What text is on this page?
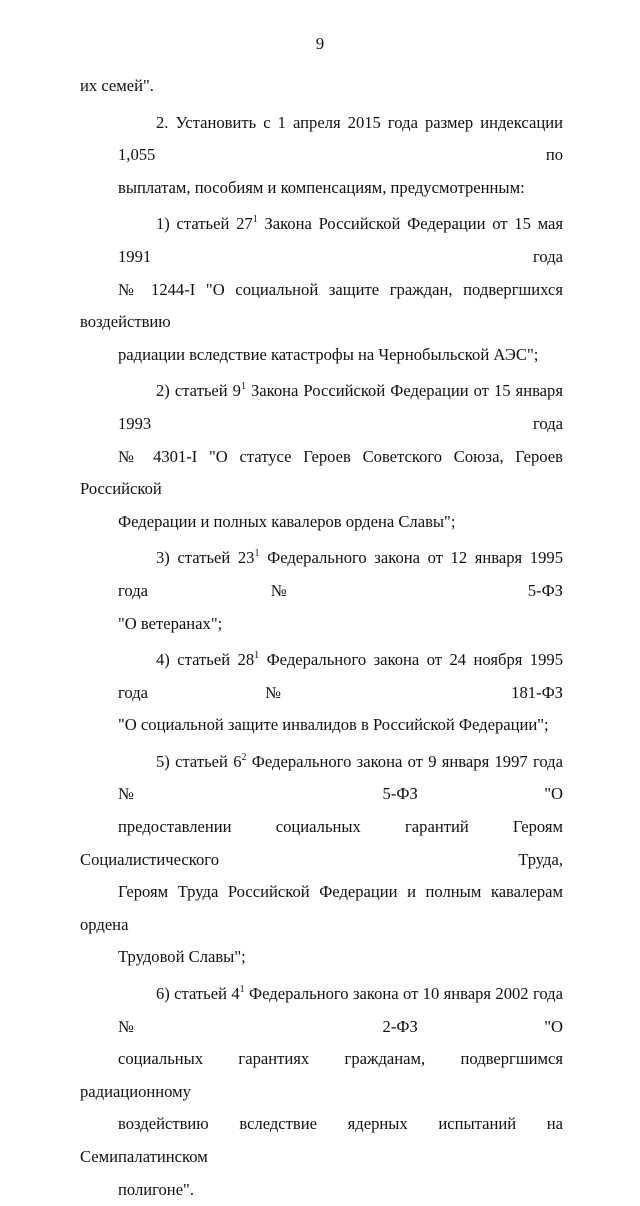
9

их семей".

2. Установить с 1 апреля 2015 года размер индексации 1,055 по
выплатам, пособиям и компенсациям, предусмотренным:

1) статьей $27^1$ Закона Российской Федерации от 15 мая 1991 года
№ 1244-I "О социальной защите граждан, подвергшихся воздействию
радиации вследствие катастрофы на Чернобыльской АЭС";

2) статьей $9^1$ Закона Российской Федерации от 15 января 1993 года
№ 4301-I "О статусе Героев Советского Союза, Героев Российской
Федерации и полных кавалеров ордена Славы";

3) статьей $23^1$ Федерального закона от 12 января 1995 года № 5-ФЗ
"О ветеранах";

4) статьей $28^1$ Федерального закона от 24 ноября 1995 года № 181-ФЗ
"О социальной защите инвалидов в Российской Федерации";

5) статьей $6^2$ Федерального закона от 9 января 1997 года № 5-ФЗ "О
предоставлении социальных гарантий Героям Социалистического Труда,
Героям Труда Российской Федерации и полным кавалерам ордена
Трудовой Славы";

6) статьей $4^1$ Федерального закона от 10 января 2002 года № 2-ФЗ "О
социальных гарантиях гражданам, подвергшимся радиационному
воздействию вследствие ядерных испытаний на Семипалатинском
полигоне".
